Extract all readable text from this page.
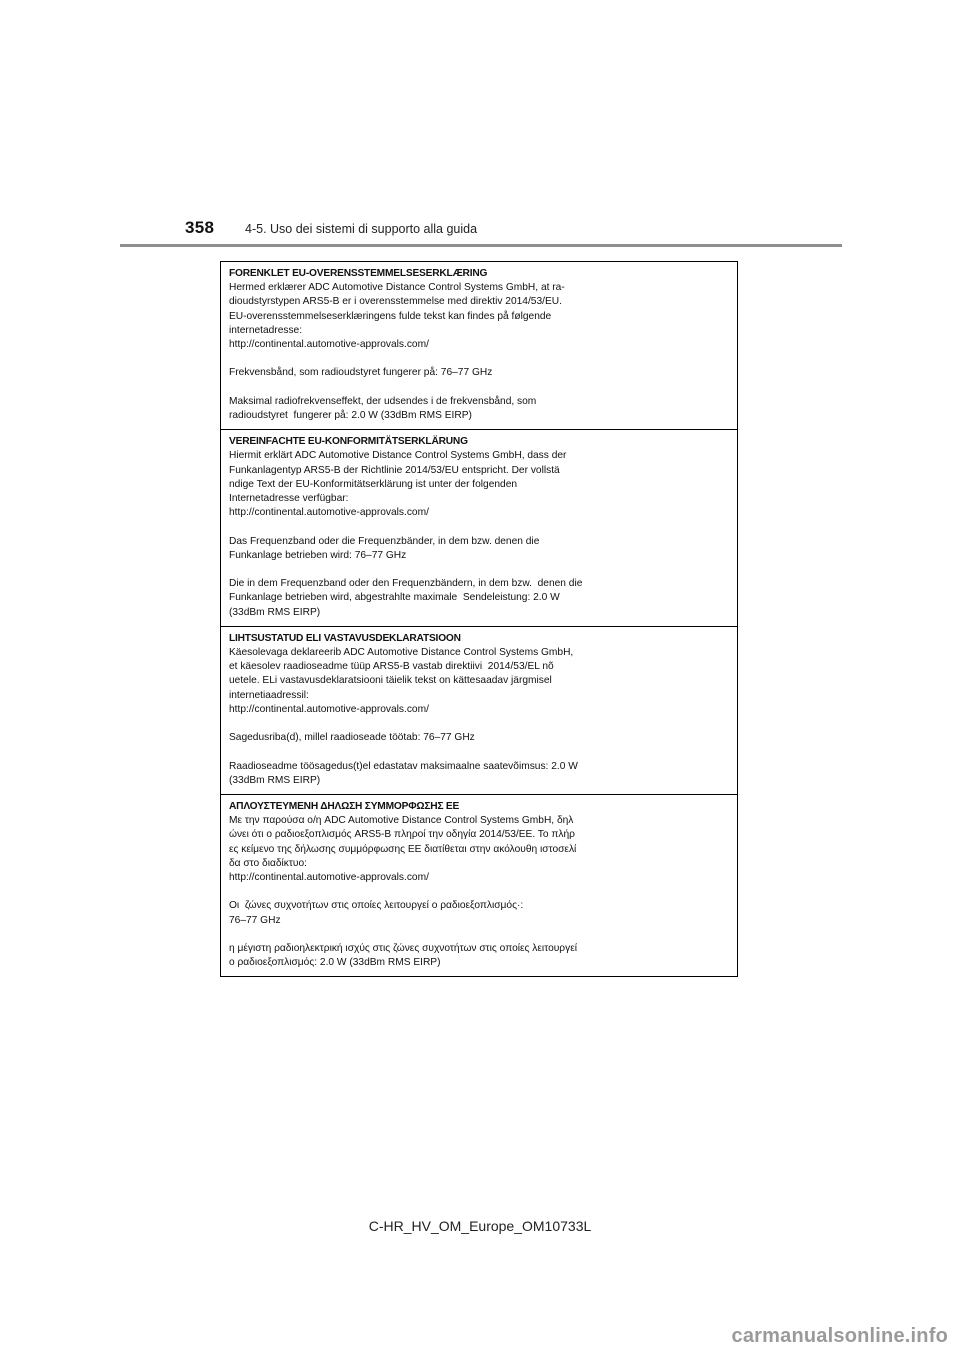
358 4-5. Uso dei sistemi di supporto alla guida
FORENKLET EU-OVERENSSTEMMELSESERKLÆRING
Hermed erklærer ADC Automotive Distance Control Systems GmbH, at ra-
dioudstyrstypen ARS5-B er i overensstemmelse med direktiv 2014/53/EU.
EU-overensstemmelseserklæringens fulde tekst kan findes på følgende
internetadresse:
http://continental.automotive-approvals.com/
Frekvensbånd, som radioudstyret fungerer på: 76–77 GHz
Maksimal radiofrekvenseffekt, der udsendes i de frekvensbånd, som
radioudstyret  fungerer på: 2.0 W (33dBm RMS EIRP)
VEREINFACHTE EU-KONFORMITÄTSERKLÄRUNG
Hiermit erklärt ADC Automotive Distance Control Systems GmbH, dass der
Funkanlagentyp ARS5-B der Richtlinie 2014/53/EU entspricht. Der vollstä
ndige Text der EU-Konformitätserklärung ist unter der folgenden
Internetadresse verfügbar:
http://continental.automotive-approvals.com/
Das Frequenzband oder die Frequenzbänder, in dem bzw. denen die
Funkanlage betrieben wird: 76–77 GHz
Die in dem Frequenzband oder den Frequenzbändern, in dem bzw.  denen die
Funkanlage betrieben wird, abgestrahlte maximale  Sendeleistung: 2.0 W
(33dBm RMS EIRP)
LIHTSUSTATUD ELI VASTAVUSDEKLARATSIOON
Käesolevaga deklareerib ADC Automotive Distance Control Systems GmbH,
et käesolev raadioseadme tüüp ARS5-B vastab direktiivi  2014/53/EL nõ
uetele. ELi vastavusdeklaratsiooni täielik tekst on kättesaadav järgmisel
internetiaadressil:
http://continental.automotive-approvals.com/
Sagedusriba(d), millel raadioseade töötab: 76–77 GHz
Raadioseadme töösagedus(t)el edastatav maksimaalne saatevõimsus: 2.0 W
(33dBm RMS EIRP)
ΑΠΛΟΥΣΤΕΥΜΕΝΗ ΔΗΛΩΣΗ ΣΥΜΜΟΡΦΩΣΗΣ ΕΕ
Με την παρούσα ο/η ADC Automotive Distance Control Systems GmbH, δηλ
ώνει ότι ο ραδιοεξοπλισμός ARS5-B πληροί την οδηγία 2014/53/ΕΕ. Το πλήρ
ες κείμενο της δήλωσης συμμόρφωσης ΕΕ διατίθεται στην ακόλουθη ιστοσελί
δα στο διαδίκτυο:
http://continental.automotive-approvals.com/
Οι  ζώνες συχνοτήτων στις οποίες λειτουργεί ο ραδιοεξοπλισμός·:
76–77 GHz
η μέγιστη ραδιοηλεκτρική ισχύς στις ζώνες συχνοτήτων στις οποίες λειτουργεί
ο ραδιοεξοπλισμός: 2.0 W (33dBm RMS EIRP)
C-HR_HV_OM_Europe_OM10733L
carmanualsonline.info
